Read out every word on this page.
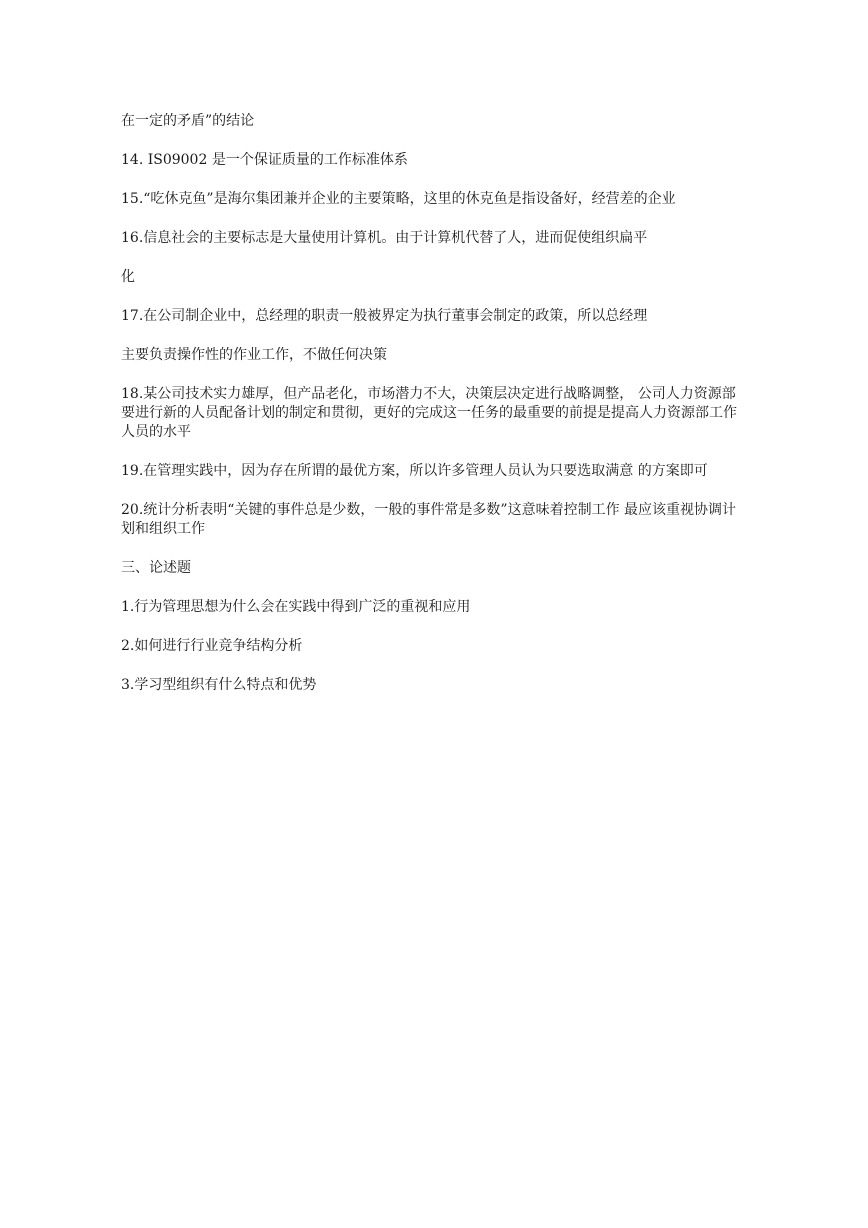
在一定的矛盾”的结论

14. IS09002 是一个保证质量的工作标准体系

15.“吃休克鱼”是海尔集团兼并企业的主要策略，这里的休克鱼是指设备好，经营差的企业

16.信息社会的主要标志是大量使用计算机。由于计算机代替了人，进而促使组织扁平

化

17.在公司制企业中，总经理的职责一般被界定为执行董事会制定的政策，所以总经理

主要负责操作性的作业工作，不做任何决策

18.某公司技术实力雄厚，但产品老化，市场潜力不大，决策层决定进行战略调整， 公司人力资源部要进行新的人员配备计划的制定和贯彻，更好的完成这一任务的最重要的前提是提高人力资源部工作人员的水平

19.在管理实践中，因为存在所谓的最优方案，所以许多管理人员认为只要选取满意 的方案即可

20.统计分析表明“关键的事件总是少数，一般的事件常是多数”这意味着控制工作 最应该重视协调计划和组织工作

三、论述题

1.行为管理思想为什么会在实践中得到广泛的重视和应用

2.如何进行行业竞争结构分析

3.学习型组织有什么特点和优势
